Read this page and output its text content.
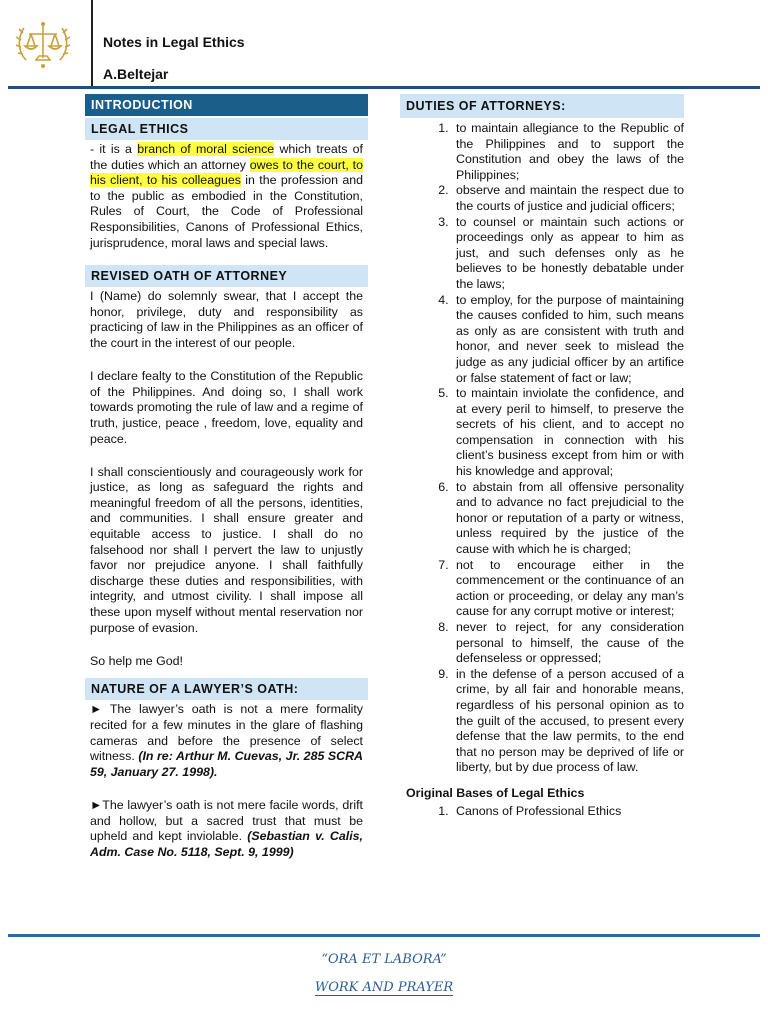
Notes in Legal Ethics
A.Beltejar
INTRODUCTION
LEGAL ETHICS

- it is a branch of moral science which treats of the duties which an attorney owes to the court, to his client, to his colleagues in the profession and to the public as embodied in the Constitution, Rules of Court, the Code of Professional Responsibilities, Canons of Professional Ethics, jurisprudence, moral laws and special laws.

REVISED OATH OF ATTORNEY

I (Name) do solemnly swear, that I accept the honor, privilege, duty and responsibility as practicing of law in the Philippines as an officer of the court in the interest of our people.

I declare fealty to the Constitution of the Republic of the Philippines. And doing so, I shall work towards promoting the rule of law and a regime of truth, justice, peace , freedom, love, equality and peace.

I shall conscientiously and courageously work for justice, as long as safeguard the rights and meaningful freedom of all the persons, identities, and communities. I shall ensure greater and equitable access to justice. I shall do no falsehood nor shall I pervert the law to unjustly favor nor prejudice anyone. I shall faithfully discharge these duties and responsibilities, with integrity, and utmost civility. I shall impose all these upon myself without mental reservation nor purpose of evasion.

So help me God!

NATURE OF A LAWYER’S OATH:

► The lawyer’s oath is not a mere formality recited for a few minutes in the glare of flashing cameras and before the presence of select witness. (In re: Arthur M. Cuevas, Jr. 285 SCRA 59, January 27. 1998).

►The lawyer’s oath is not mere facile words, drift and hollow, but a sacred trust that must be upheld and kept inviolable. (Sebastian v. Calis, Adm. Case No. 5118, Sept. 9, 1999)

DUTIES OF ATTORNEYS:
1. to maintain allegiance to the Republic of the Philippines and to support the Constitution and obey the laws of the Philippines;
2. observe and maintain the respect due to the courts of justice and judicial officers;
3. to counsel or maintain such actions or proceedings only as appear to him as just, and such defenses only as he believes to be honestly debatable under the laws;
4. to employ, for the purpose of maintaining the causes confided to him, such means as only as are consistent with truth and honor, and never seek to mislead the judge as any judicial officer by an artifice or false statement of fact or law;
5. to maintain inviolate the confidence, and at every peril to himself, to preserve the secrets of his client, and to accept no compensation in connection with his client’s business except from him or with his knowledge and approval;
6. to abstain from all offensive personality and to advance no fact prejudicial to the honor or reputation of a party or witness, unless required by the justice of the cause with which he is charged;
7. not to encourage either in the commencement or the continuance of an action or proceeding, or delay any man’s cause for any corrupt motive or interest;
8. never to reject, for any consideration personal to himself, the cause of the defenseless or oppressed;
9. in the defense of a person accused of a crime, by all fair and honorable means, regardless of his personal opinion as to the guilt of the accused, to present every defense that the law permits, to the end that no person may be deprived of life or liberty, but by due process of law.
Original Bases of Legal Ethics
1. Canons of Professional Ethics
“ORA ET LABORA”
WORK AND PRAYER
